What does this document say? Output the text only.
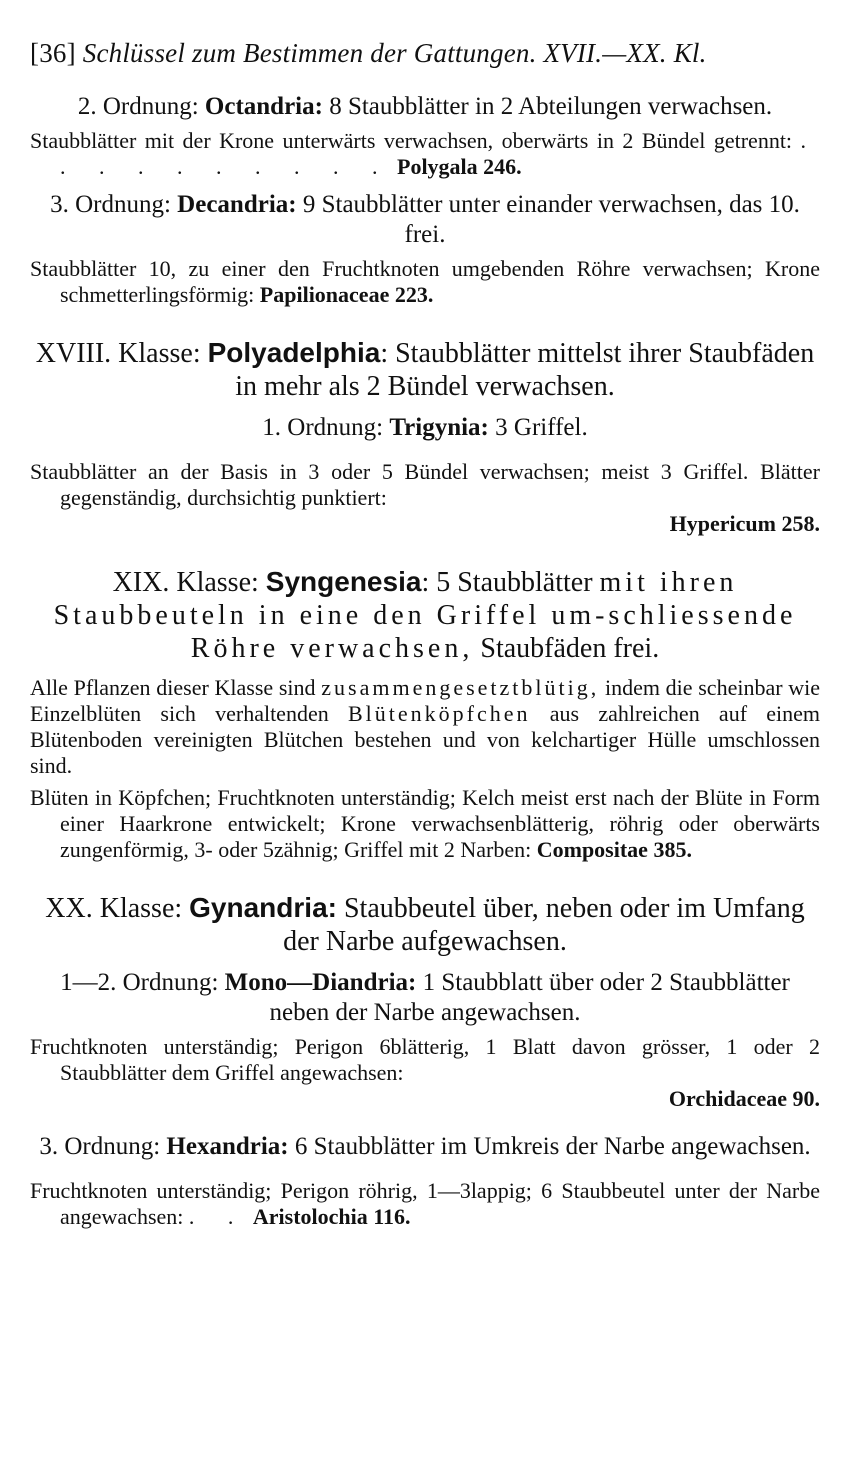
[36] Schlüssel zum Bestimmen der Gattungen. XVII.—XX. Kl.

2. Ordnung: Octandria: 8 Staubblätter in 2 Abteilungen verwachsen.

Staubblätter mit der Krone unterwärts verwachsen, oberwärts in 2 Bündel getrennt: . . . . . . . . . . Polygala 246.

3. Ordnung: Decandria: 9 Staubblätter unter einander verwachsen, das 10. frei.

Staubblätter 10, zu einer den Fruchtknoten umgebenden Röhre verwachsen; Krone schmetterlingsförmig: Papilionaceae 223.

XVIII. Klasse: Polyadelphia: Staubblätter mittelst ihrer Staubfäden in mehr als 2 Bündel verwachsen.

1. Ordnung: Trigynia: 3 Griffel.

Staubblätter an der Basis in 3 oder 5 Bündel verwachsen; meist 3 Griffel. Blätter gegenständig, durchsichtig punktiert:

Hypericum 258.

XIX. Klasse: Syngenesia: 5 Staubblätter mit ihren Staubbeuteln in eine den Griffel um-schliessende Röhre verwachsen, Staubfäden frei.

Alle Pflanzen dieser Klasse sind zusammengesetztblütig, indem die scheinbar wie Einzelblüten sich verhaltenden Blütenköpfchen aus zahlreichen auf einem Blütenboden vereinigten Blütchen bestehen und von kelchartiger Hülle umschlossen sind.

Blüten in Köpfchen; Fruchtknoten unterständig; Kelch meist erst nach der Blüte in Form einer Haarkrone entwickelt; Krone verwachsenblätterig, röhrig oder oberwärts zungenförmig, 3- oder 5zähnig; Griffel mit 2 Narben: Compositae 385.

XX. Klasse: Gynandria: Staubbeutel über, neben oder im Umfang der Narbe aufgewachsen.

1—2. Ordnung: Mono—Diandria: 1 Staubblatt über oder 2 Staubblätter neben der Narbe angewachsen.

Fruchtknoten unterständig; Perigon 6blätterig, 1 Blatt davon grösser, 1 oder 2 Staubblätter dem Griffel angewachsen:

Orchidaceae 90.

3. Ordnung: Hexandria: 6 Staubblätter im Umkreis der Narbe angewachsen.

Fruchtknoten unterständig; Perigon röhrig, 1—3lappig; 6 Staubbeutel unter der Narbe angewachsen: . . Aristolochia 116.
